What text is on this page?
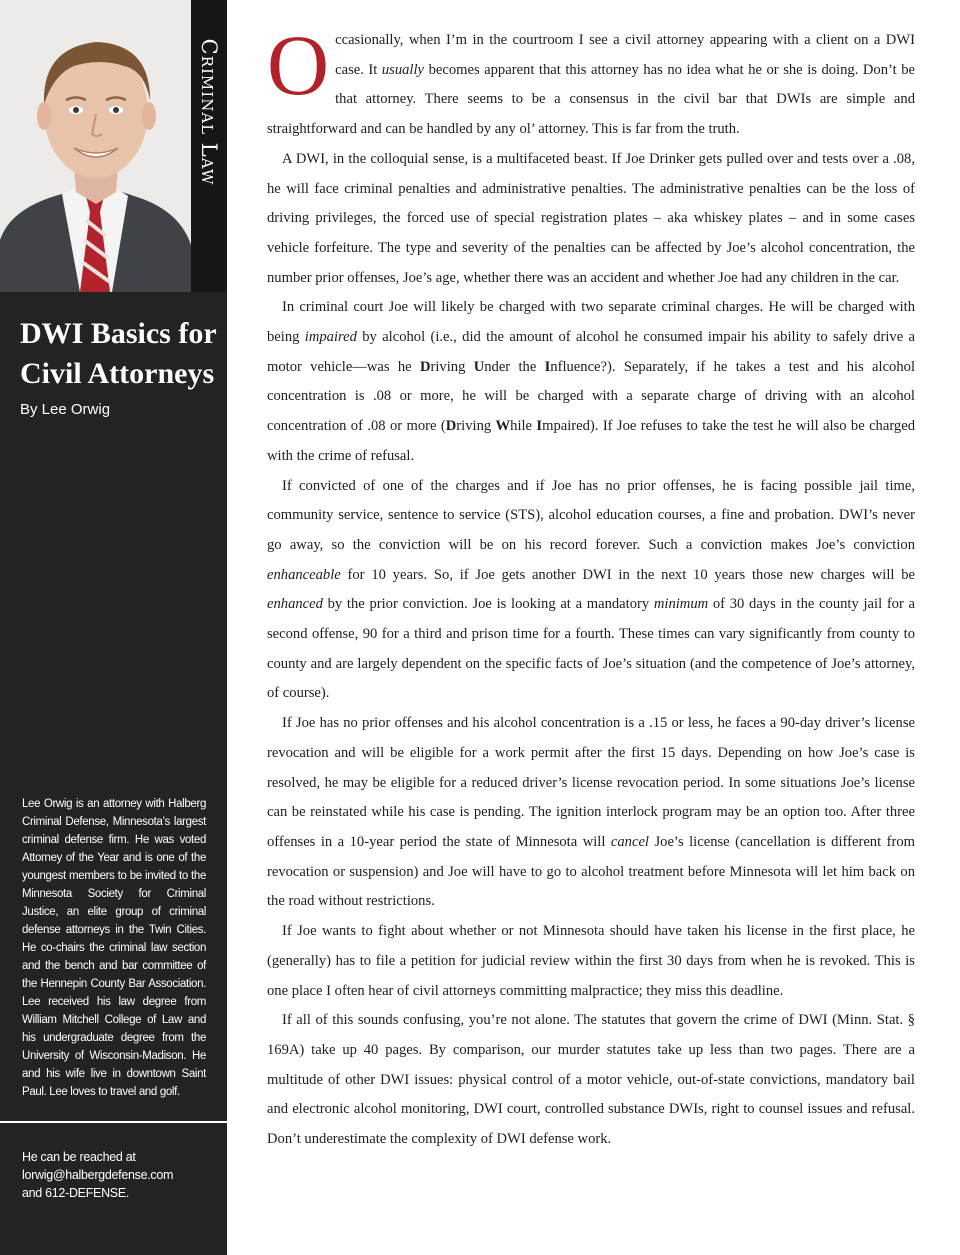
Criminal Law
DWI Basics for
Civil Attorneys
By Lee Orwig

Lee Orwig is an attorney with Halberg Criminal Defense, Minnesota’s largest criminal defense firm. He was voted Attorney of the Year and is one of the youngest members to be invited to the Minnesota Society for Criminal Justice, an elite group of criminal defense attorneys in the Twin Cities. He co-chairs the criminal law section and the bench and bar committee of the Hennepin County Bar Association. Lee received his law degree from William Mitchell College of Law and his undergraduate degree from the University of Wisconsin-Madison. He and his wife live in downtown Saint Paul. Lee loves to travel and golf.

He can be reached at
lorwig@halbergdefense.com
and 612-DEFENSE.

Occasionally, when I’m in the courtroom I see a civil attorney appearing with a client on a DWI case. It usually becomes apparent that this attorney has no idea what he or she is doing. Don’t be that attorney. There seems to be a consensus in the civil bar that DWIs are simple and straightforward and can be handled by any ol’ attorney. This is far from the truth.

A DWI, in the colloquial sense, is a multifaceted beast. If Joe Drinker gets pulled over and tests over a .08, he will face criminal penalties and administrative penalties. The administrative penalties can be the loss of driving privileges, the forced use of special registration plates – aka whiskey plates – and in some cases vehicle forfeiture. The type and severity of the penalties can be affected by Joe’s alcohol concentration, the number prior offenses, Joe’s age, whether there was an accident and whether Joe had any children in the car.

In criminal court Joe will likely be charged with two separate criminal charges. He will be charged with being impaired by alcohol (i.e., did the amount of alcohol he consumed impair his ability to safely drive a motor vehicle—was he Driving Under the Influence?). Separately, if he takes a test and his alcohol concentration is .08 or more, he will be charged with a separate charge of driving with an alcohol concentration of .08 or more (Driving While Impaired). If Joe refuses to take the test he will also be charged with the crime of refusal.

If convicted of one of the charges and if Joe has no prior offenses, he is facing possible jail time, community service, sentence to service (STS), alcohol education courses, a fine and probation. DWI’s never go away, so the conviction will be on his record forever. Such a conviction makes Joe’s conviction enhanceable for 10 years. So, if Joe gets another DWI in the next 10 years those new charges will be enhanced by the prior conviction. Joe is looking at a mandatory minimum of 30 days in the county jail for a second offense, 90 for a third and prison time for a fourth. These times can vary significantly from county to county and are largely dependent on the specific facts of Joe’s situation (and the competence of Joe’s attorney, of course).

If Joe has no prior offenses and his alcohol concentration is a .15 or less, he faces a 90-day driver’s license revocation and will be eligible for a work permit after the first 15 days. Depending on how Joe’s case is resolved, he may be eligible for a reduced driver’s license revocation period. In some situations Joe’s license can be reinstated while his case is pending. The ignition interlock program may be an option too. After three offenses in a 10-year period the state of Minnesota will cancel Joe’s license (cancellation is different from revocation or suspension) and Joe will have to go to alcohol treatment before Minnesota will let him back on the road without restrictions.

If Joe wants to fight about whether or not Minnesota should have taken his license in the first place, he (generally) has to file a petition for judicial review within the first 30 days from when he is revoked. This is one place I often hear of civil attorneys committing malpractice; they miss this deadline.

If all of this sounds confusing, you’re not alone. The statutes that govern the crime of DWI (Minn. Stat. § 169A) take up 40 pages. By comparison, our murder statutes take up less than two pages. There are a multitude of other DWI issues: physical control of a motor vehicle, out-of-state convictions, mandatory bail and electronic alcohol monitoring, DWI court, controlled substance DWIs, right to counsel issues and refusal. Don’t underestimate the complexity of DWI defense work.
